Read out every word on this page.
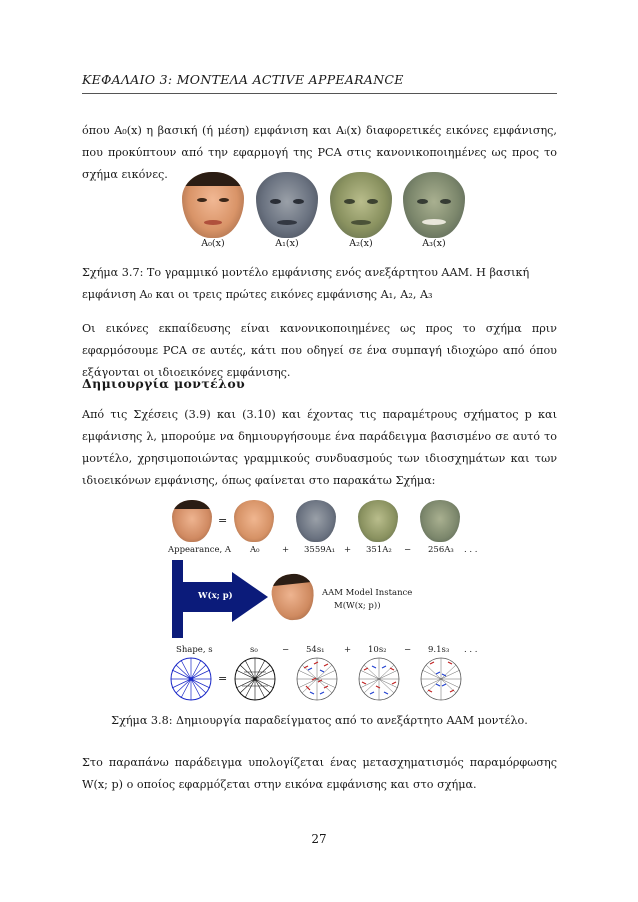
ΚΕΦΑΛΑΙΟ 3: ΜΟΝΤΕΛΑ ACTIVE APPEARANCE
όπου A₀(x) η βασική (ή μέση) εμφάνιση και Aᵢ(x) διαφορετικές εικόνες εμφάνισης, που προκύπτουν από την εφαρμογή της PCA στις κανονικοποιημένες ως προς το σχήμα εικόνες.
A₀(x)	A₁(x)	A₂(x)	A₃(x)
Σχήμα 3.7: Το γραμμικό μοντέλο εμφάνισης ενός ανεξάρτητου AAM. Η βασική εμφάνιση A₀ και οι τρεις πρώτες εικόνες εμφάνισης A₁, A₂, A₃
Οι εικόνες εκπαίδευσης είναι κανονικοποιημένες ως προς το σχήμα πριν εφαρμόσουμε PCA σε αυτές, κάτι που οδηγεί σε ένα συμπαγή ιδιοχώρο από όπου εξάγονται οι ιδιοεικόνες εμφάνισης.
Δημιουργία μοντέλου
Από τις Σχέσεις (3.9) και (3.10) και έχοντας τις παραμέτρους σχήματος p και εμφάνισης λ, μπορούμε να δημιουργήσουμε ένα παράδειγμα βασισμένο σε αυτό το μοντέλο, χρησιμοποιώντας γραμμικούς συνδυασμούς των ιδιοσχημάτων και των ιδιοεικόνων εμφάνισης, όπως φαίνεται στο παρακάτω Σχήμα:
=
Appearance, A A₀	+ 3559A₁ + 351A₂ − 256A₃ . . .
W(x; p)	AAM Model Instance
M(W(x; p))
Shape, s	s₀	− 54s₁ + 10s₂ − 9.1s₃ . . .
=
Σχήμα 3.8: Δημιουργία παραδείγματος από το ανεξάρτητο AAM μοντέλο.
Στο παραπάνω παράδειγμα υπολογίζεται ένας μετασχηματισμός παραμόρφωσης W(x; p) ο οποίος εφαρμόζεται στην εικόνα εμφάνισης και στο σχήμα.
27
